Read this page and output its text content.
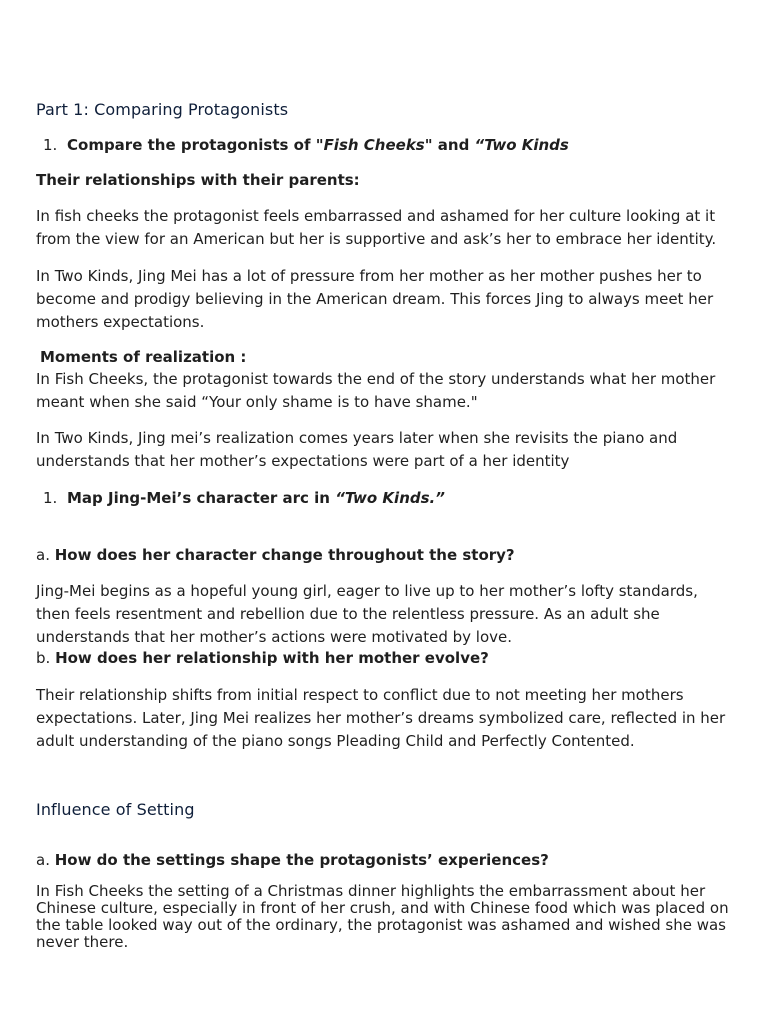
Part 1: Comparing Protagonists
1. Compare the protagonists of "Fish Cheeks" and “Two Kinds
Their relationships with their parents:

In fish cheeks the protagonist feels embarrassed and ashamed for her culture looking at it from the view for an American but her is supportive and ask’s her to embrace her identity.

In Two Kinds, Jing Mei has a lot of pressure from her mother as her mother pushes her to become and prodigy believing in the American dream. This forces Jing to always meet her mothers expectations.

Moments of realization :

In Fish Cheeks, the protagonist towards the end of the story understands what her mother meant when she said “Your only shame is to have shame."

In Two Kinds, Jing mei’s realization comes years later when she revisits the piano and understands that her mother’s expectations were part of a her identity

1. Map Jing-Mei’s character arc in “Two Kinds.”
a. How does her character change throughout the story?

Jing-Mei begins as a hopeful young girl, eager to live up to her mother’s lofty standards, then feels resentment and rebellion due to the relentless pressure. As an adult she understands that her mother’s actions were motivated by love.

b. How does her relationship with her mother evolve?

Their relationship shifts from initial respect to conflict due to not meeting her mothers expectations. Later, Jing Mei realizes her mother’s dreams symbolized care, reflected in her adult understanding of the piano songs Pleading Child and Perfectly Contented.

Influence of Setting
a. How do the settings shape the protagonists’ experiences?

In Fish Cheeks the setting of a Christmas dinner highlights the embarrassment about her Chinese culture, especially in front of her crush, and with Chinese food which was placed on the table looked way out of the ordinary, the protagonist was ashamed and wished she was never there.
